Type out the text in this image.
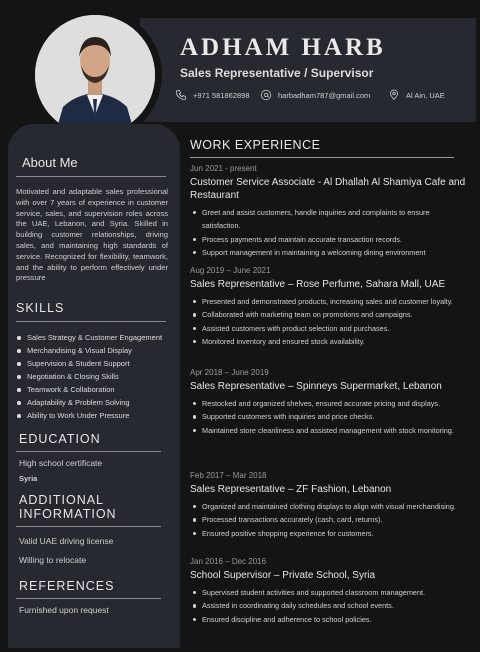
ADHAM HARB
Sales Representative / Supervisor
+971 581862898	harbadham787@gmail.com	Al Ain, UAE
About Me
Motivated and adaptable sales professional with over 7 years of experience in customer service, sales, and supervision roles across the UAE, Lebanon, and Syria. Skilled in building customer relationships, driving sales, and maintaining high standards of service. Recognized for flexibility, teamwork, and the ability to perform effectively under pressure
SKILLS
Sales Strategy & Customer Engagement
Merchandising & Visual Display
Supervision & Student Support
Negotiation & Closing Skills
Teamwork & Collaboration
Adaptability & Problem Solving
Ability to Work Under Pressure
EDUCATION
High school certificate
Syria
ADDITIONAL
INFORMATION
Valid UAE driving license
Willing to relocate
REFERENCES
Furnished upon request
WORK EXPERIENCE
Jun 2021 - present
Customer Service Associate - Al Dhallah Al Shamiya Cafe and Restaurant
Greet and assist customers, handle inquiries and complaints to ensure satisfaction.
Process payments and maintain accurate transaction records.
Support management in maintaining a welcoming dining environment
Aug 2019 – June 2021
Sales Representative – Rose Perfume, Sahara Mall, UAE
Presented and demonstrated products, increasing sales and customer loyalty.
Collaborated with marketing team on promotions and campaigns.
Assisted customers with product selection and purchases.
Monitored inventory and ensured stock availability.
Apr 2018 – June 2019
Sales Representative – Spinneys Supermarket, Lebanon
Restocked and organized shelves, ensured accurate pricing and displays.
Supported customers with inquiries and price checks.
Maintained store cleanliness and assisted management with stock monitoring.
Feb 2017 – Mar 2018
Sales Representative – ZF Fashion, Lebanon
Organized and maintained clothing displays to align with visual merchandising.
Processed transactions accurately (cash, card, returns).
Ensured positive shopping experience for customers.
Jan 2016 – Dec 2016
School Supervisor – Private School, Syria
Supervised student activities and supported classroom management.
Assisted in coordinating daily schedules and school events.
Ensured discipline and adherence to school policies.
